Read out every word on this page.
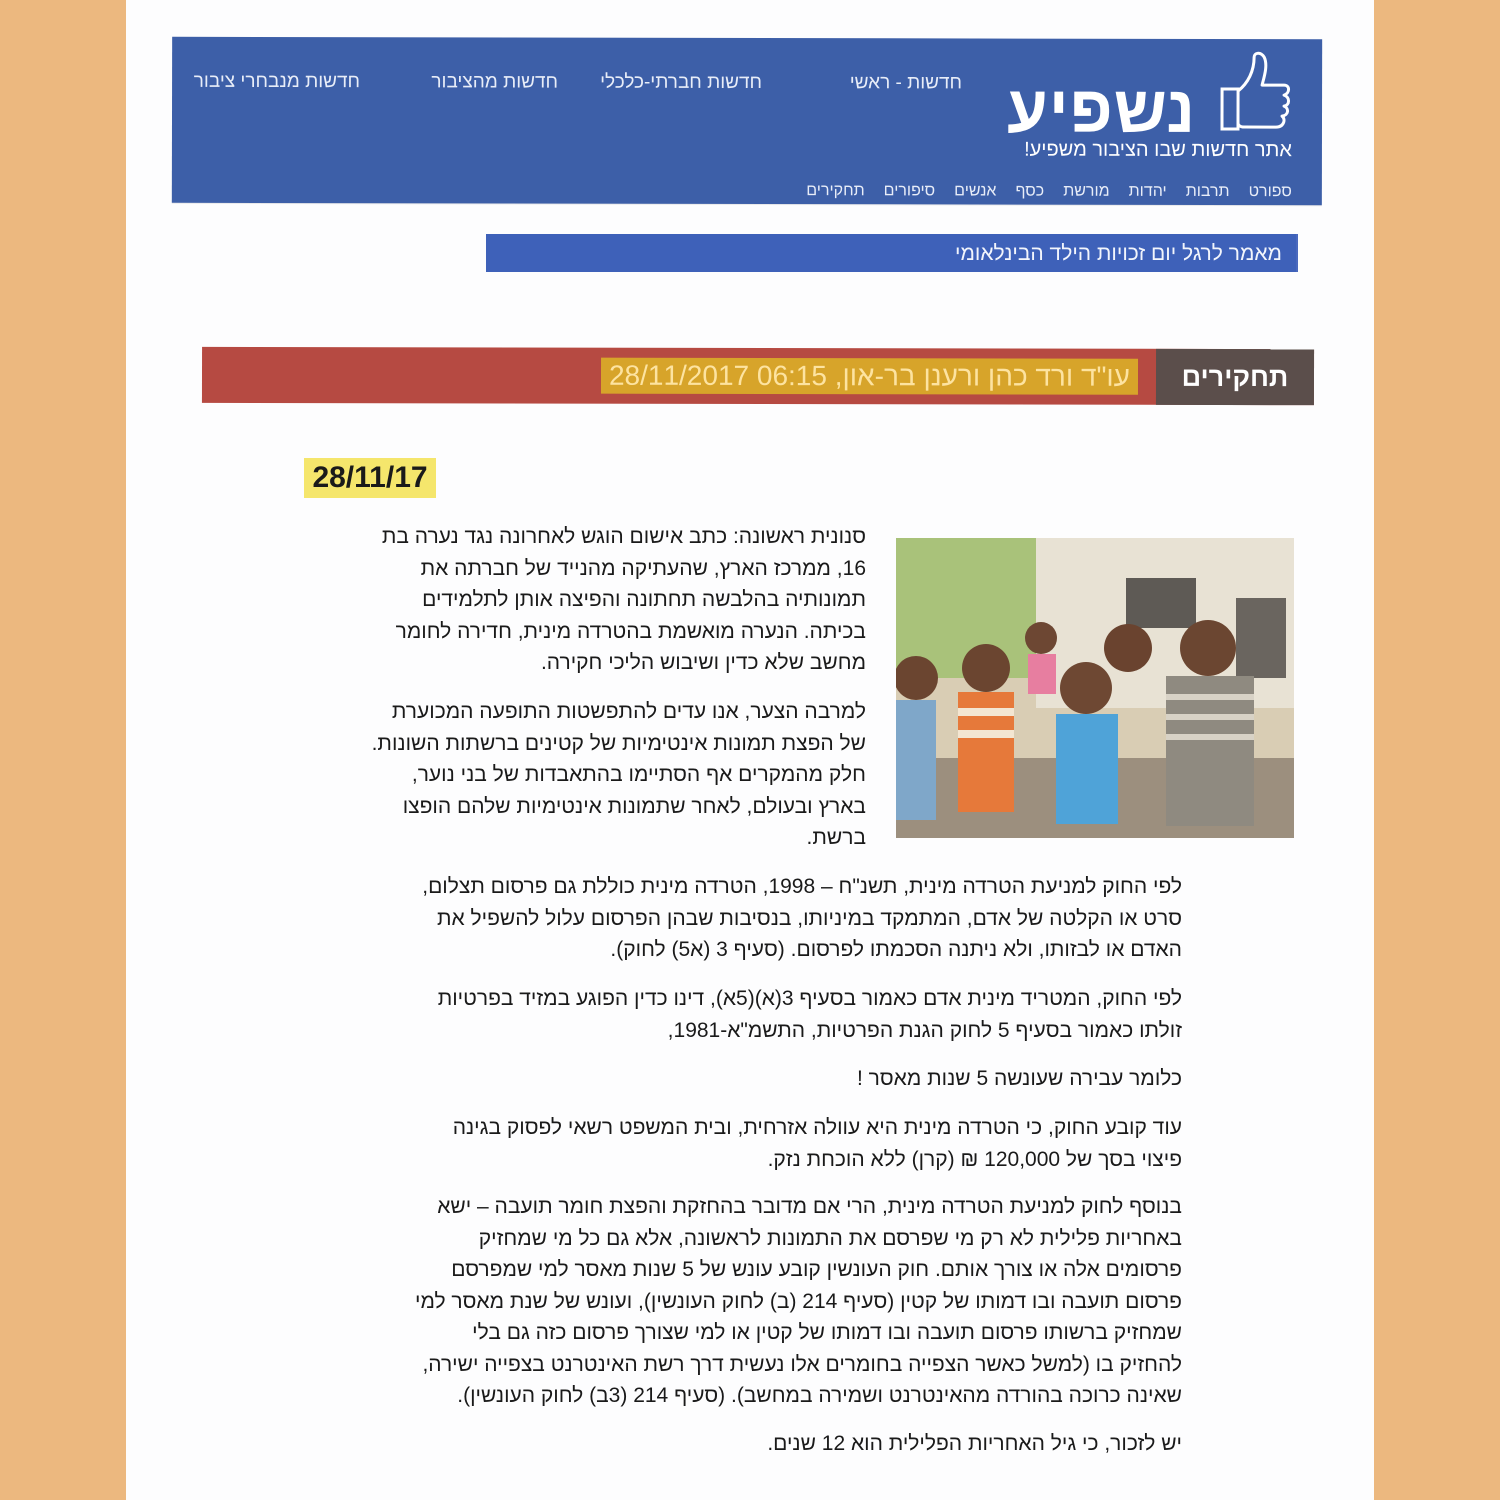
נשפיע
אתר חדשות שבו הציבור משפיע!
חדשות - ראשי
חדשות חברתי-כלכלי
חדשות מהציבור
חדשות מנבחרי ציבור
ספורט
תרבות
יהדות
מורשת
כסף
אנשים
סיפורים
תחקירים
מאמר לרגל יום זכויות הילד הבינלאומי
תחקירים
עו"ד ורד כהן ורענן בר-און, 06:15 28/11/2017
28/11/17

סנונית ראשונה: כתב אישום הוגש לאחרונה נגד נערה בת

16, ממרכז הארץ, שהעתיקה מהנייד של חברתה את

תמונותיה בהלבשה תחתונה והפיצה אותן לתלמידים

בכיתה. הנערה מואשמת בהטרדה מינית, חדירה לחומר

מחשב שלא כדין ושיבוש הליכי חקירה.

למרבה הצער, אנו עדים להתפשטות התופעה המכוערת

של הפצת תמונות אינטימיות של קטינים ברשתות השונות.

חלק מהמקרים אף הסתיימו בהתאבדות של בני נוער,

בארץ ובעולם, לאחר שתמונות אינטימיות שלהם הופצו

ברשת.

לפי החוק למניעת הטרדה מינית, תשנ"ח – 1998, הטרדה מינית כוללת גם פרסום תצלום,

סרט או הקלטה של אדם, המתמקד במיניותו, בנסיבות שבהן הפרסום עלול להשפיל את

האדם או לבזותו, ולא ניתנה הסכמתו לפרסום. (סעיף 3 (א5) לחוק).

לפי החוק, המטריד מינית אדם כאמור בסעיף 3(א)(5א), דינו כדין הפוגע במזיד בפרטיות

זולתו כאמור בסעיף 5 לחוק הגנת הפרטיות, התשמ"א-1981,

כלומר עבירה שעונשה 5 שנות מאסר !

עוד קובע החוק, כי הטרדה מינית היא עוולה אזרחית, ובית המשפט רשאי לפסוק בגינה

פיצוי בסך של 120,000 ₪ (קרן) ללא הוכחת נזק.

בנוסף לחוק למניעת הטרדה מינית, הרי אם מדובר בהחזקת והפצת חומר תועבה – ישא

באחריות פלילית לא רק מי שפרסם את התמונות לראשונה, אלא גם כל מי שמחזיק

פרסומים אלה או צורך אותם. חוק העונשין קובע עונש של 5 שנות מאסר למי שמפרסם

פרסום תועבה ובו דמותו של קטין (סעיף 214 (ב) לחוק העונשין), ועונש של שנת מאסר למי

שמחזיק ברשותו פרסום תועבה ובו דמותו של קטין או למי שצורך פרסום כזה גם בלי

להחזיק בו (למשל כאשר הצפייה בחומרים אלו נעשית דרך רשת האינטרנט בצפייה ישירה,

שאינה כרוכה בהורדה מהאינטרנט ושמירה במחשב). (סעיף 214 (3ב) לחוק העונשין).

יש לזכור, כי גיל האחריות הפלילית הוא 12 שנים.
